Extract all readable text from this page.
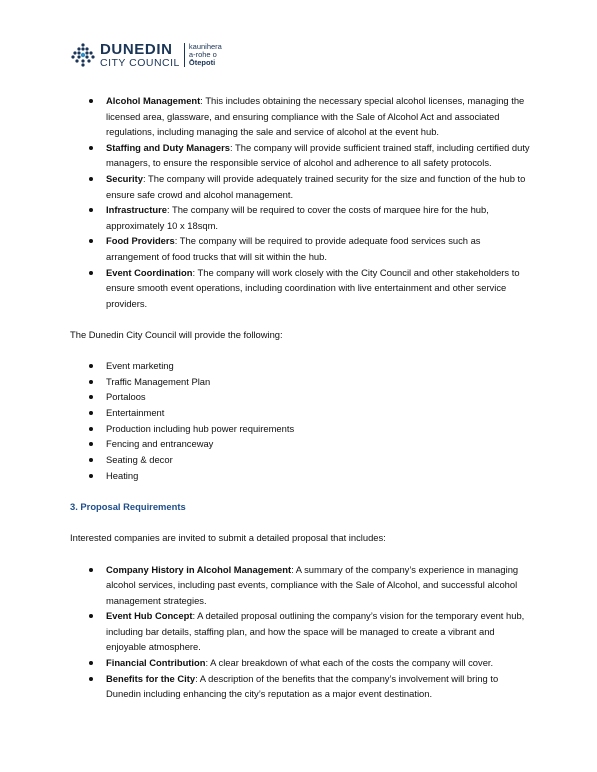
DUNEDIN
CITY COUNCIL
kaunihera
a-rohe o
Ōtepoti
Alcohol Management: This includes obtaining the necessary special alcohol licenses, managing the licensed area, glassware, and ensuring compliance with the Sale of Alcohol Act and associated regulations, including managing the sale and service of alcohol at the event hub.
Staffing and Duty Managers: The company will provide sufficient trained staff, including certified duty managers, to ensure the responsible service of alcohol and adherence to all safety protocols.
Security: The company will provide adequately trained security for the size and function of the hub to ensure safe crowd and alcohol management.
Infrastructure: The company will be required to cover the costs of marquee hire for the hub, approximately 10 x 18sqm.
Food Providers: The company will be required to provide adequate food services such as arrangement of food trucks that will sit within the hub.
Event Coordination: The company will work closely with the City Council and other stakeholders to ensure smooth event operations, including coordination with live entertainment and other service providers.

The Dunedin City Council will provide the following:

Event marketing
Traffic Management Plan
Portaloos
Entertainment
Production including hub power requirements
Fencing and entranceway
Seating & decor
Heating

3. Proposal Requirements

Interested companies are invited to submit a detailed proposal that includes:

Company History in Alcohol Management: A summary of the company’s experience in managing alcohol services, including past events, compliance with the Sale of Alcohol, and successful alcohol management strategies.
Event Hub Concept: A detailed proposal outlining the company’s vision for the temporary event hub, including bar details, staffing plan, and how the space will be managed to create a vibrant and enjoyable atmosphere.
Financial Contribution: A clear breakdown of what each of the costs the company will cover.
Benefits for the City: A description of the benefits that the company’s involvement will bring to Dunedin including enhancing the city’s reputation as a major event destination.
